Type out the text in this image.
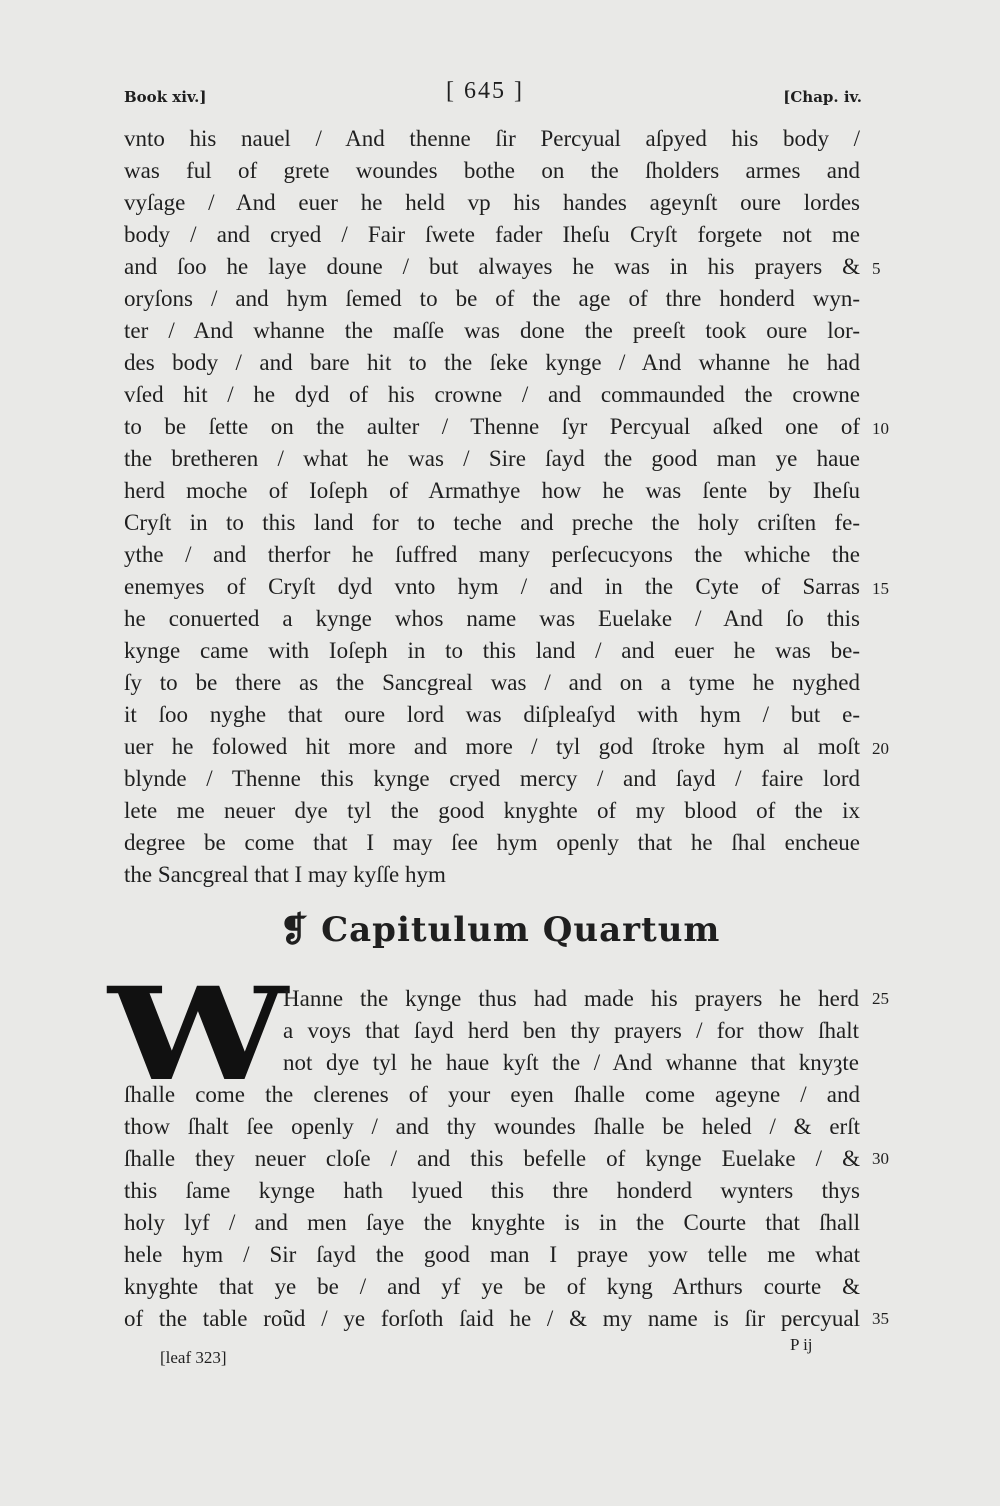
Book xiv.]	[ 645 ]	[Chap. iv.
vnto his nauel / And thenne ſir Percyual aſpyed his body /
was ful of grete woundes bothe on the ſholders armes and
vyſage / And euer he held vp his handes ageynſt oure lordes
body / and cryed / Fair ſwete fader Iheſu Cryſt forgete not me
and ſoo he laye doune / but alwayes he was in his prayers &
oryſons / and hym ſemed to be of the age of thre honderd wyn-
ter / And whanne the maſſe was done the preeſt took oure lor-
des body / and bare hit to the ſeke kynge / And whanne he had
vſed hit / he dyd of his crowne / and commaunded the crowne
to be ſette on the aulter / Thenne ſyr Percyual aſked one of
the bretheren / what he was / Sire ſayd the good man ye haue
herd moche of Ioſeph of Armathye how he was ſente by Iheſu
Cryſt in to this land for to teche and preche the holy criſten fe-
ythe / and therfor he ſuffred many perſecucyons the whiche the
enemyes of Cryſt dyd vnto hym / and in the Cyte of Sarras
he conuerted a kynge whos name was Euelake / And ſo this
kynge came with Ioſeph in to this land / and euer he was be-
ſy to be there as the Sancgreal was / and on a tyme he nyghed
it ſoo nyghe that oure lord was diſpleaſyd with hym / but e-
uer he folowed hit more and more / tyl god ſtroke hym al moſt
blynde / Thenne this kynge cryed mercy / and ſayd / faire lord
lete me neuer dye tyl the good knyghte of my blood of the ix
degree be come that I may ſee hym openly that he ſhal encheue
the Sancgreal that I may kyſſe hym
5
10
15
20
25
30
35
❡ Capitulum Quartum
W
Hanne the kynge thus had made his prayers he herd
a voys that ſayd herd ben thy prayers / for thow ſhalt
not dye tyl he haue kyſt the / And whanne that knyȝte
ſhalle come the clerenes of your eyen ſhalle come ageyne / and
thow ſhalt ſee openly / and thy woundes ſhalle be heled / & erſt
ſhalle they neuer cloſe / and this befelle of kynge Euelake / &
this ſame kynge hath lyued this thre honderd wynters thys
holy lyf / and men ſaye the knyghte is in the Courte that ſhall
hele hym / Sir ſayd the good man I praye yow telle me what
knyghte that ye be / and yf ye be of kyng Arthurs courte &
of the table roũd / ye forſoth ſaid he / & my name is ſir percyual
[leaf 323]
P ij
